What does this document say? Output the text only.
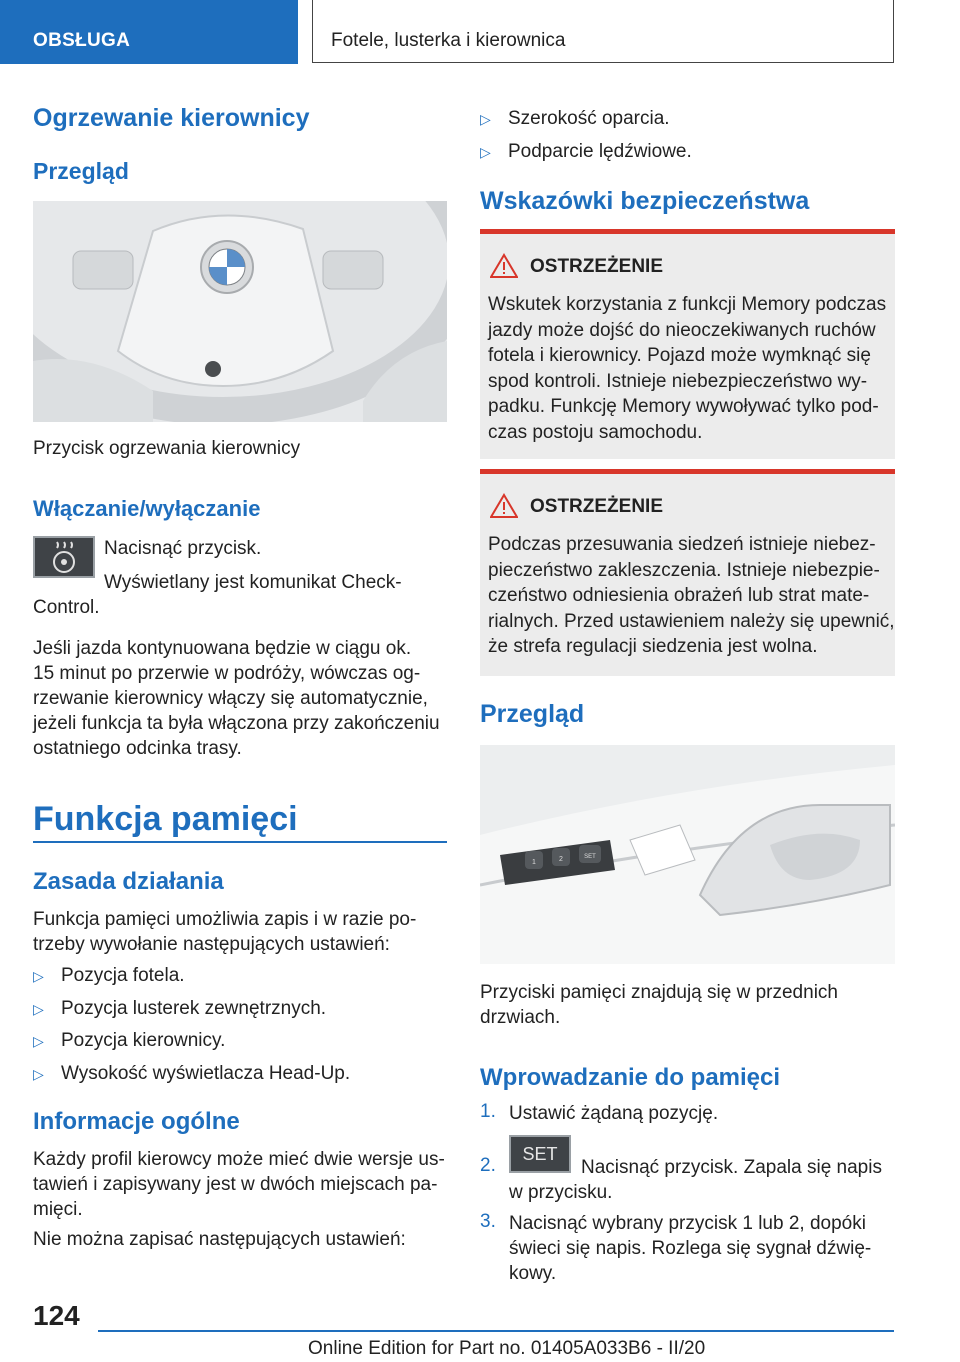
OBSŁUGA	Fotele, lusterka i kierownica
Ogrzewanie kierownicy
Przegląd

Przycisk ogrzewania kierownicy

Włączanie/wyłączanie

Nacisnąć przycisk.

Wyświetlany jest komunikat Check-

Control.

Jeśli jazda kontynuowana będzie w ciągu ok.

15 minut po przerwie w podróży, wówczas og-

rzewanie kierownicy włączy się automatycznie,

jeżeli funkcja ta była włączona przy zakończeniu

ostatniego odcinka trasy.

Funkcja pamięci
Zasada działania

Funkcja pamięci umożliwia zapis i w razie po-

trzeby wywołanie następujących ustawień:

▷ Pozycja fotela.
▷ Pozycja lusterek zewnętrznych.
▷ Pozycja kierownicy.
▷ Wysokość wyświetlacza Head-Up.
Informacje ogólne

Każdy profil kierowcy może mieć dwie wersje us-

tawień i zapisywany jest w dwóch miejscach pa-

mięci.

Nie można zapisać następujących ustawień:

▷ Szerokość oparcia.
▷ Podparcie lędźwiowe.
Wskazówki bezpieczeństwa
OSTRZEŻENIE

Wskutek korzystania z funkcji Memory podczas
jazdy może dojść do nieoczekiwanych ruchów
fotela i kierownicy. Pojazd może wymknąć się
spod kontroli. Istnieje niebezpieczeństwo wy-
padku. Funkcję Memory wywoływać tylko pod-
czas postoju samochodu.

OSTRZEŻENIE

Podczas przesuwania siedzeń istnieje niebez-
pieczeństwo zakleszczenia. Istnieje niebezpie-
czeństwo odniesienia obrażeń lub strat mate-
rialnych. Przed ustawieniem należy się upewnić,
że strefa regulacji siedzenia jest wolna.

Przegląd
1	2	SET

Przyciski pamięci znajdują się w przednich

drzwiach.

Wprowadzanie do pamięci
1. Ustawić żądaną pozycję.

2.
SET

Nacisnąć przycisk. Zapala się napis

w przycisku.

3. Nacisnąć wybrany przycisk 1 lub 2, dopóki

świeci się napis. Rozlega się sygnał dźwię-

kowy.

124
Online Edition for Part no. 01405A033B6 - II/20
